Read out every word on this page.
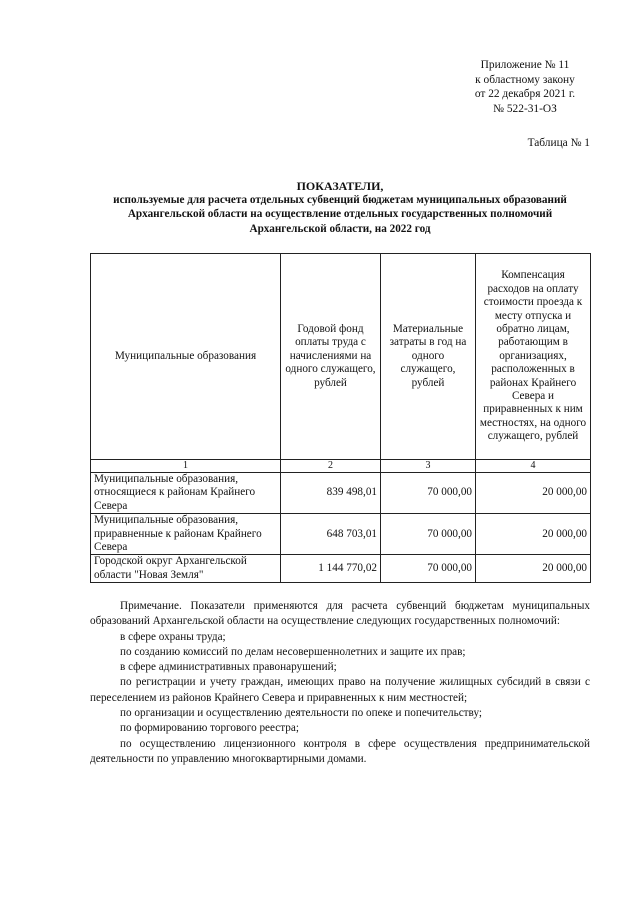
Приложение № 11
к областному закону
от 22 декабря 2021 г.
№ 522-31-ОЗ
Таблица № 1
ПОКАЗАТЕЛИ,
используемые для расчета отдельных субвенций бюджетам муниципальных образований Архангельской области на осуществление отдельных государственных полномочий Архангельской области, на 2022 год
Муниципальные образования	Годовой фонд оплаты труда с начислениями на одного служащего, рублей	Материальные затраты в год на одного служащего, рублей	Компенсация расходов на оплату стоимости проезда к месту отпуска и обратно лицам, работающим в организациях, расположенных в районах Крайнего Севера и приравненных к ним местностях, на одного служащего, рублей
1	2	3	4
Муниципальные образования, относящиеся к районам Крайнего Севера	839 498,01	70 000,00	20 000,00
Муниципальные образования, приравненные к районам Крайнего Севера	648 703,01	70 000,00	20 000,00
Городской округ Архангельской области "Новая Земля"	1 144 770,02	70 000,00	20 000,00

Примечание. Показатели применяются для расчета субвенций бюджетам муниципальных образований Архангельской области на осуществление следующих государственных полномочий:

в сфере охраны труда;

по созданию комиссий по делам несовершеннолетних и защите их прав;

в сфере административных правонарушений;

по регистрации и учету граждан, имеющих право на получение жилищных субсидий в связи с переселением из районов Крайнего Севера и приравненных к ним местностей;

по организации и осуществлению деятельности по опеке и попечительству;

по формированию торгового реестра;

по осуществлению лицензионного контроля в сфере осуществления предпринимательской деятельности по управлению многоквартирными домами.
